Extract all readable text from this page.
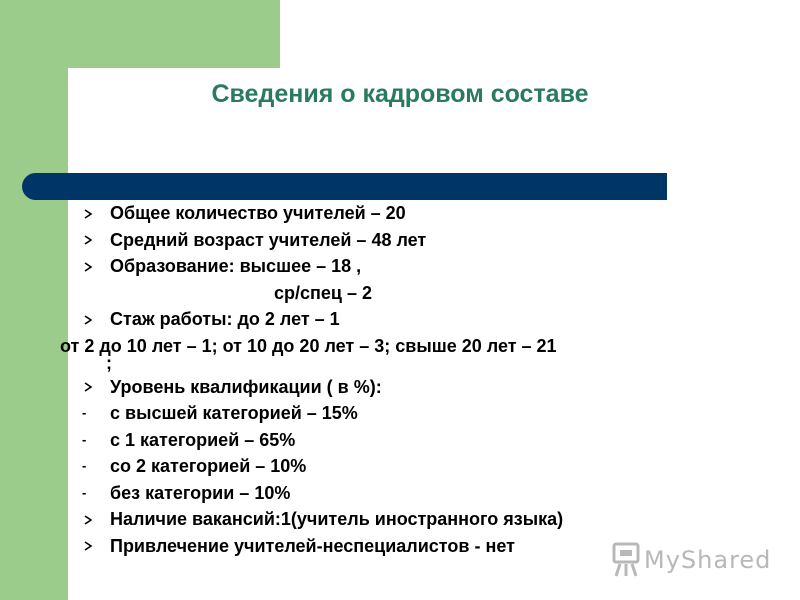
Сведения о кадровом составе
Общее количество учителей – 20
Средний возраст учителей – 48 лет
Образование: высшее – 18 ,
ср/спец – 2
Стаж работы: до 2 лет – 1
от 2 до 10 лет – 1; от 10 до 20 лет – 3; свыше 20 лет – 21
;
Уровень квалификации ( в %):
- с высшей категорией – 15%
- с 1 категорией – 65%
- со 2 категорией – 10%
- без категории – 10%
Наличие вакансий:1(учитель иностранного языка)
Привлечение учителей-неспециалистов - нет
MyShared
